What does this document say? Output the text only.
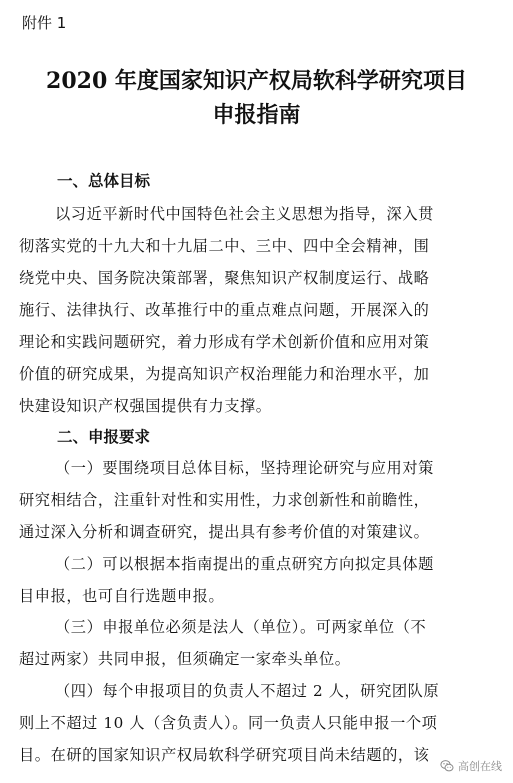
附件 1
2020 年度国家知识产权局软科学研究项目
申报指南
一、总体目标
以习近平新时代中国特色社会主义思想为指导，深入贯
彻落实党的十九大和十九届二中、三中、四中全会精神，围
绕党中央、国务院决策部署，聚焦知识产权制度运行、战略
施行、法律执行、改革推行中的重点难点问题，开展深入的
理论和实践问题研究，着力形成有学术创新价值和应用对策
价值的研究成果，为提高知识产权治理能力和治理水平，加
快建设知识产权强国提供有力支撑。
二、申报要求
（一）要围绕项目总体目标，坚持理论研究与应用对策
研究相结合，注重针对性和实用性，力求创新性和前瞻性，
通过深入分析和调查研究，提出具有参考价值的对策建议。
（二）可以根据本指南提出的重点研究方向拟定具体题
目申报，也可自行选题申报。
（三）申报单位必须是法人（单位）。可两家单位（不
超过两家）共同申报，但须确定一家牵头单位。
（四）每个申报项目的负责人不超过 2 人，研究团队原
则上不超过 10 人（含负责人）。同一负责人只能申报一个项
目。在研的国家知识产权局软科学研究项目尚未结题的，该
高创在线
